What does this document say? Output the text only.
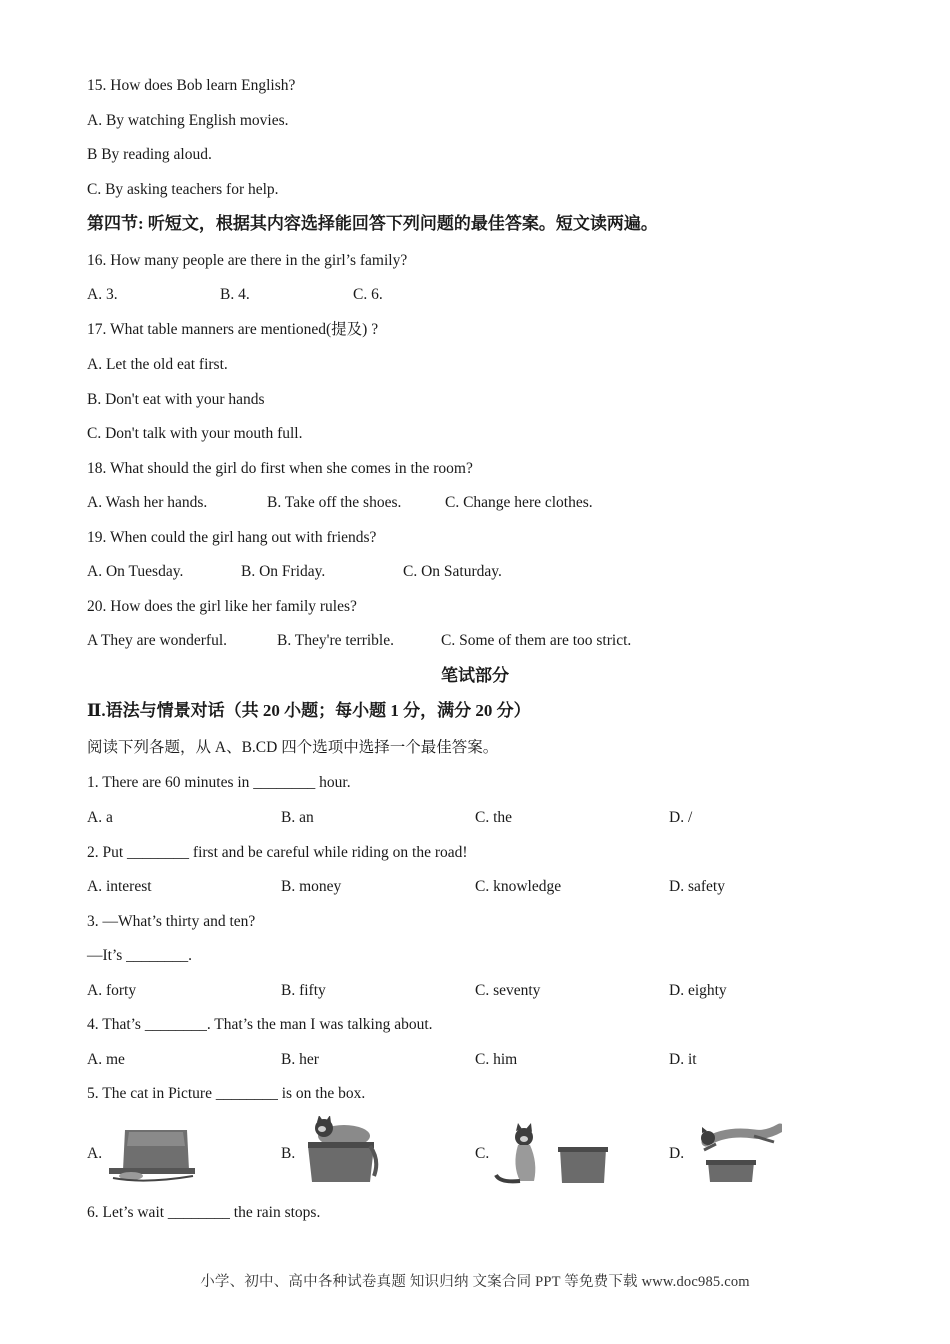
15. How does Bob learn English?
A. By watching English movies.
B By reading aloud.
C. By asking teachers for help.
第四节: 听短文，根据其内容选择能回答下列问题的最佳答案。短文读两遍。
16. How many people are there in the girl’s family?
A. 3.	B. 4.	C. 6.
17. What table manners are mentioned(提及) ?
A. Let the old eat first.
B. Don't eat with your hands
C. Don't talk with your mouth full.
18. What should the girl do first when she comes in the room?
A. Wash her hands.	B. Take off the shoes.	C. Change here clothes.
19. When could the girl hang out with friends?
A. On Tuesday.	B. On Friday.	C. On Saturday.
20. How does the girl like her family rules?
A They are wonderful.	B. They're terrible.	C. Some of them are too strict.
笔试部分
Ⅱ.语法与情景对话（共 20 小题；每小题 1 分，满分 20 分）
阅读下列各题，从 A、B.CD 四个选项中选择一个最佳答案。
1. There are 60 minutes in ________ hour.
A. a	B. an	C. the	D. /
2. Put ________ first and be careful while riding on the road!
A. interest	B. money	C. knowledge	D. safety
3. —What’s thirty and ten?
—It’s ________.
A. forty	B. fifty	C. seventy	D. eighty
4. That’s ________. That’s the man I was talking about.
A. me	B. her	C. him	D. it
5. The cat in Picture ________ is on the box.
A.	B.	C.	D.
6. Let’s wait ________ the rain stops.
小学、初中、高中各种试卷真题 知识归纳 文案合同 PPT 等免费下载 www.doc985.com
